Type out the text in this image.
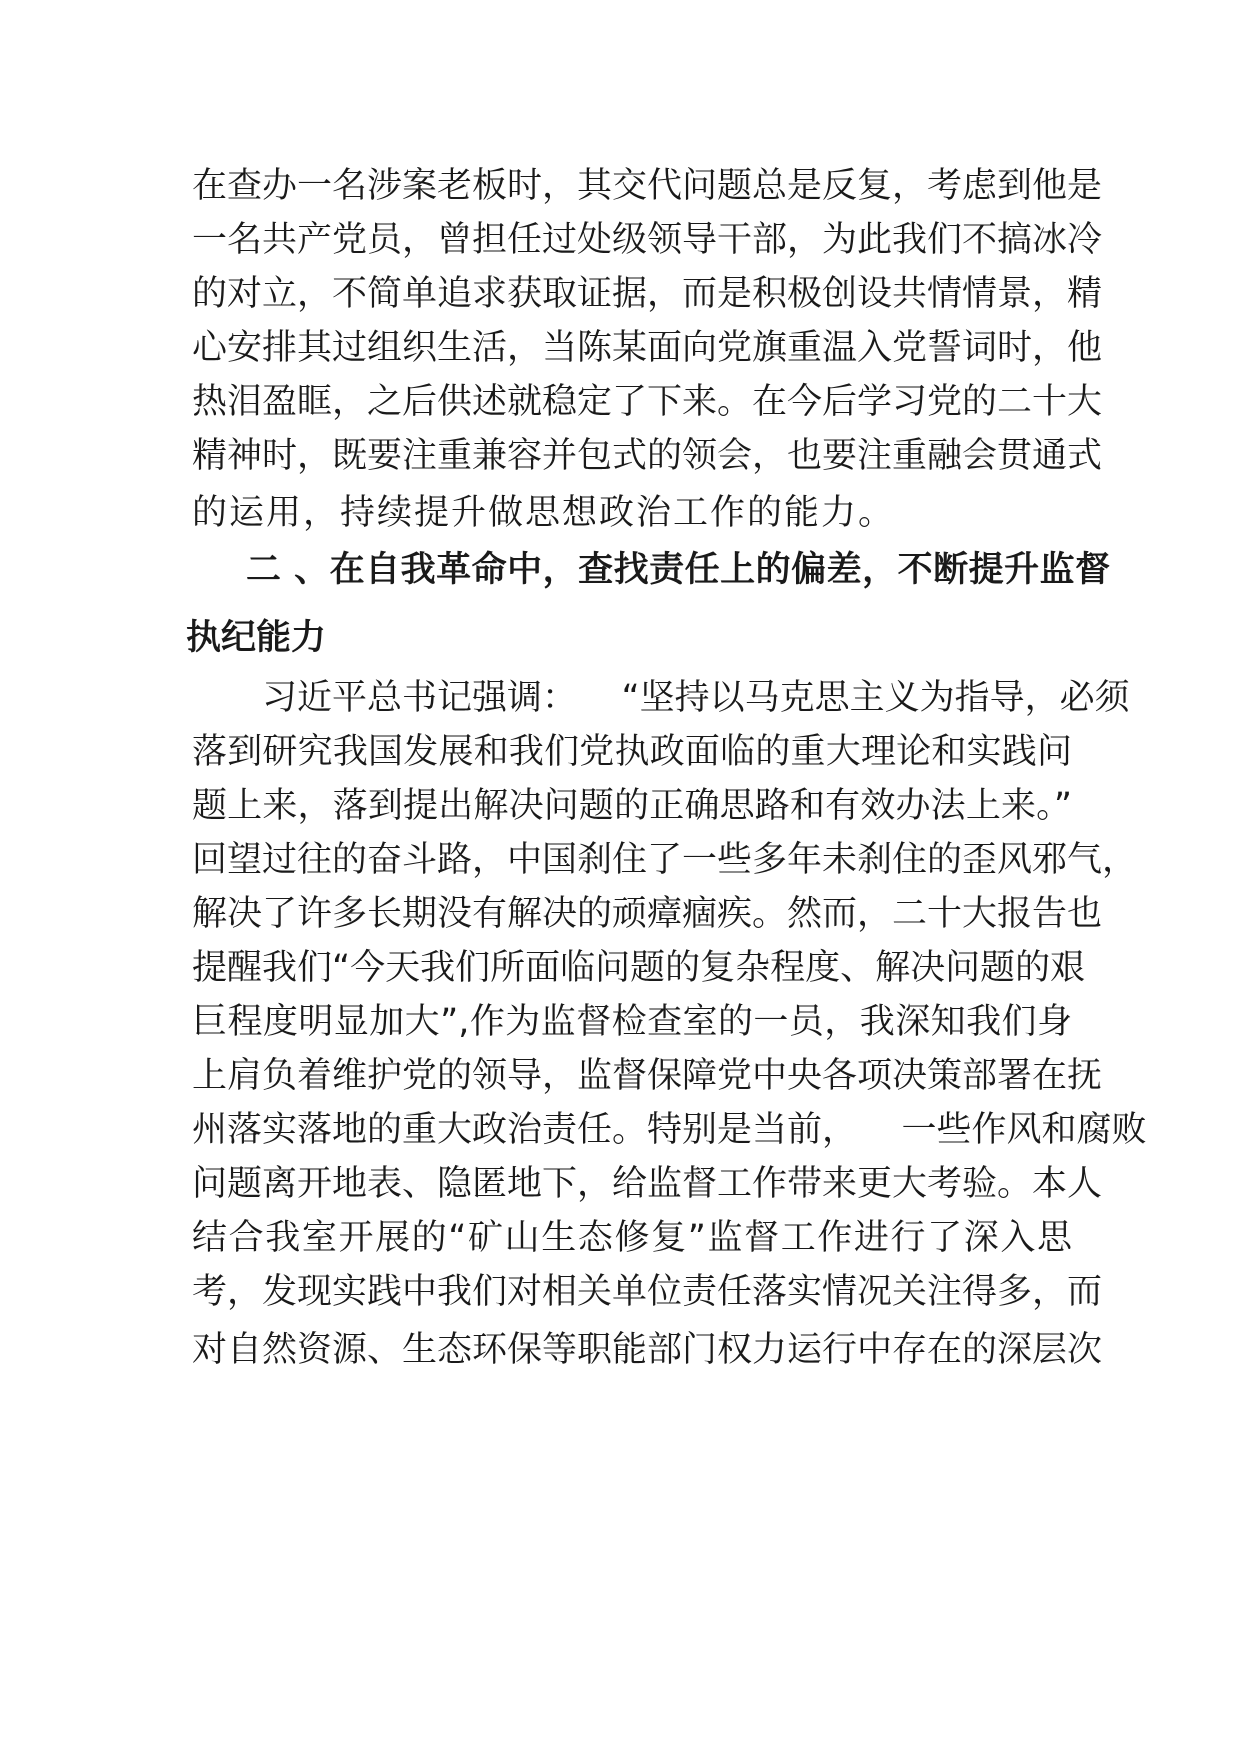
在查办一名涉案老板时，其交代问题总是反复，考虑到他是
一名共产党员，曾担任过处级领导干部，为此我们不搞冰冷
的对立，不简单追求获取证据，而是积极创设共情情景，精
心安排其过组织生活，当陈某面向党旗重温入党誓词时，他
热泪盈眶，之后供述就稳定了下来。在今后学习党的二十大
精神时，既要注重兼容并包式的领会，也要注重融会贯通式
的运用，持续提升做思想政治工作的能力。
二 、在自我革命中，查找责任上的偏差，不断提升监督
执纪能力
习近平总书记强调：    “坚持以马克思主义为指导，必须
落到研究我国发展和我们党执政面临的重大理论和实践问
题上来，落到提出解决问题的正确思路和有效办法上来。”
回望过往的奋斗路，中国刹住了一些多年未刹住的歪风邪气，
解决了许多长期没有解决的顽瘴痼疾。然而，二十大报告也
提醒我们“今天我们所面临问题的复杂程度、解决问题的艰
巨程度明显加大”,作为监督检查室的一员，我深知我们身
上肩负着维护党的领导，监督保障党中央各项决策部署在抚
州落实落地的重大政治责任。特别是当前，    一些作风和腐败
问题离开地表、隐匿地下，给监督工作带来更大考验。本人
结合我室开展的“矿山生态修复”监督工作进行了深入思
考，发现实践中我们对相关单位责任落实情况关注得多，而
对自然资源、生态环保等职能部门权力运行中存在的深层次
